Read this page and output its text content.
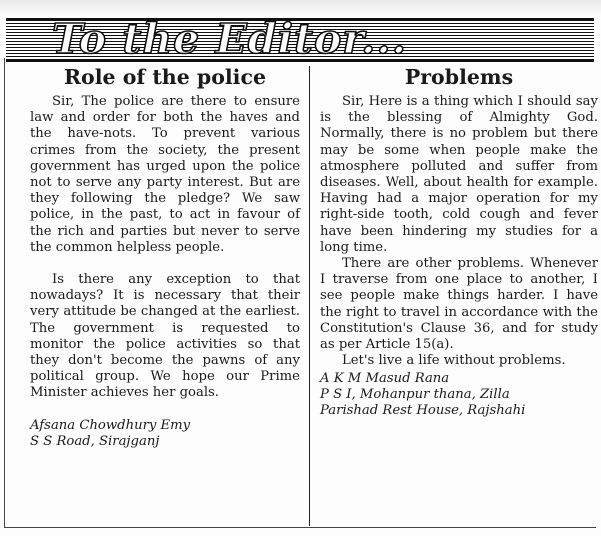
To the Editor...
Role of the police

Sir, The police are there to ensure law and order for both the haves and the have-nots. To prevent various crimes from the society, the present government has urged upon the police not to serve any party interest. But are they following the pledge? We saw police, in the past, to act in favour of the rich and parties but never to serve the common helpless people.

Is there any exception to that nowadays? It is necessary that their very attitude be changed at the earliest. The government is requested to monitor the police activities so that they don't become the pawns of any political group. We hope our Prime Minister achieves her goals.

Afsana Chowdhury Emy

S S Road, Sirajganj

Problems

Sir, Here is a thing which I should say is the blessing of Almighty God. Normally, there is no problem but there may be some when people make the atmosphere polluted and suffer from diseases. Well, about health for example. Having had a major operation for my right-side tooth, cold cough and fever have been hindering my studies for a long time.

There are other problems. Whenever I traverse from one place to another, I see people make things harder. I have the right to travel in accordance with the Constitution's Clause 36, and for study as per Article 15(a).

Let's live a life without problems.

A K M Masud Rana

P S I, Mohanpur thana, Zilla

Parishad Rest House, Rajshahi
